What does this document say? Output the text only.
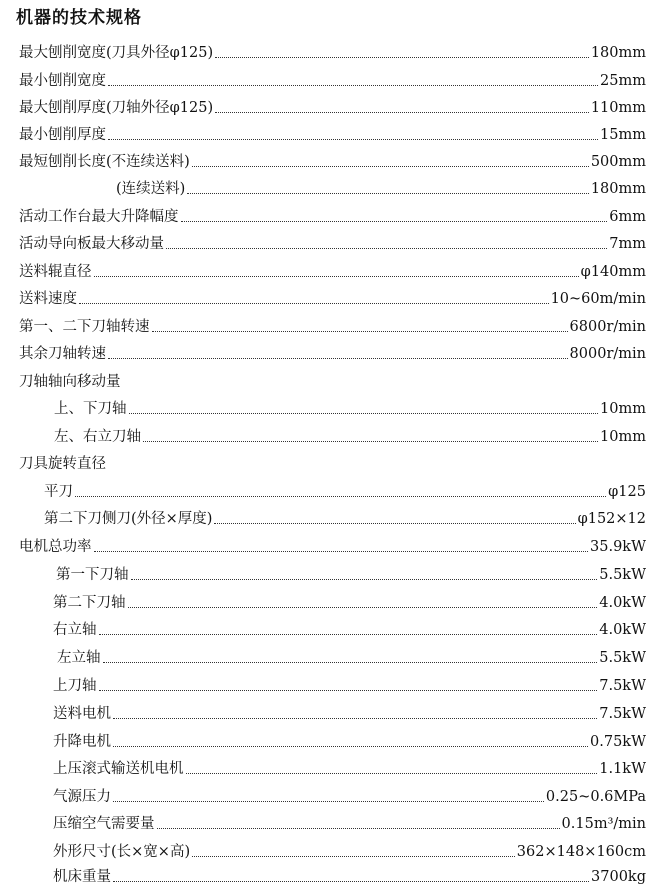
机器的技术规格
最大刨削宽度(刀具外径φ125)	180mm
最小刨削宽度	25mm
最大刨削厚度(刀轴外径φ125)	110mm
最小刨削厚度	15mm
最短刨削长度(不连续送料)	500mm
(连续送料)	180mm
活动工作台最大升降幅度	6mm
活动导向板最大移动量	7mm
送料辊直径	φ140mm
送料速度	10~60m/min
第一、二下刀轴转速	6800r/min
其余刀轴转速	8000r/min
刀轴轴向移动量
上、下刀轴	10mm
左、右立刀轴	10mm
刀具旋转直径
平刀	φ125
第二下刀侧刀(外径×厚度)	φ152×12
电机总功率	35.9kW
第一下刀轴	5.5kW
第二下刀轴	4.0kW
右立轴	4.0kW
左立轴	5.5kW
上刀轴	7.5kW
送料电机	7.5kW
升降电机	0.75kW
上压滚式输送机电机	1.1kW
气源压力	0.25~0.6MPa
压缩空气需要量	0.15m³/min
外形尺寸(长×宽×高)	362×148×160cm
机床重量	3700kg
